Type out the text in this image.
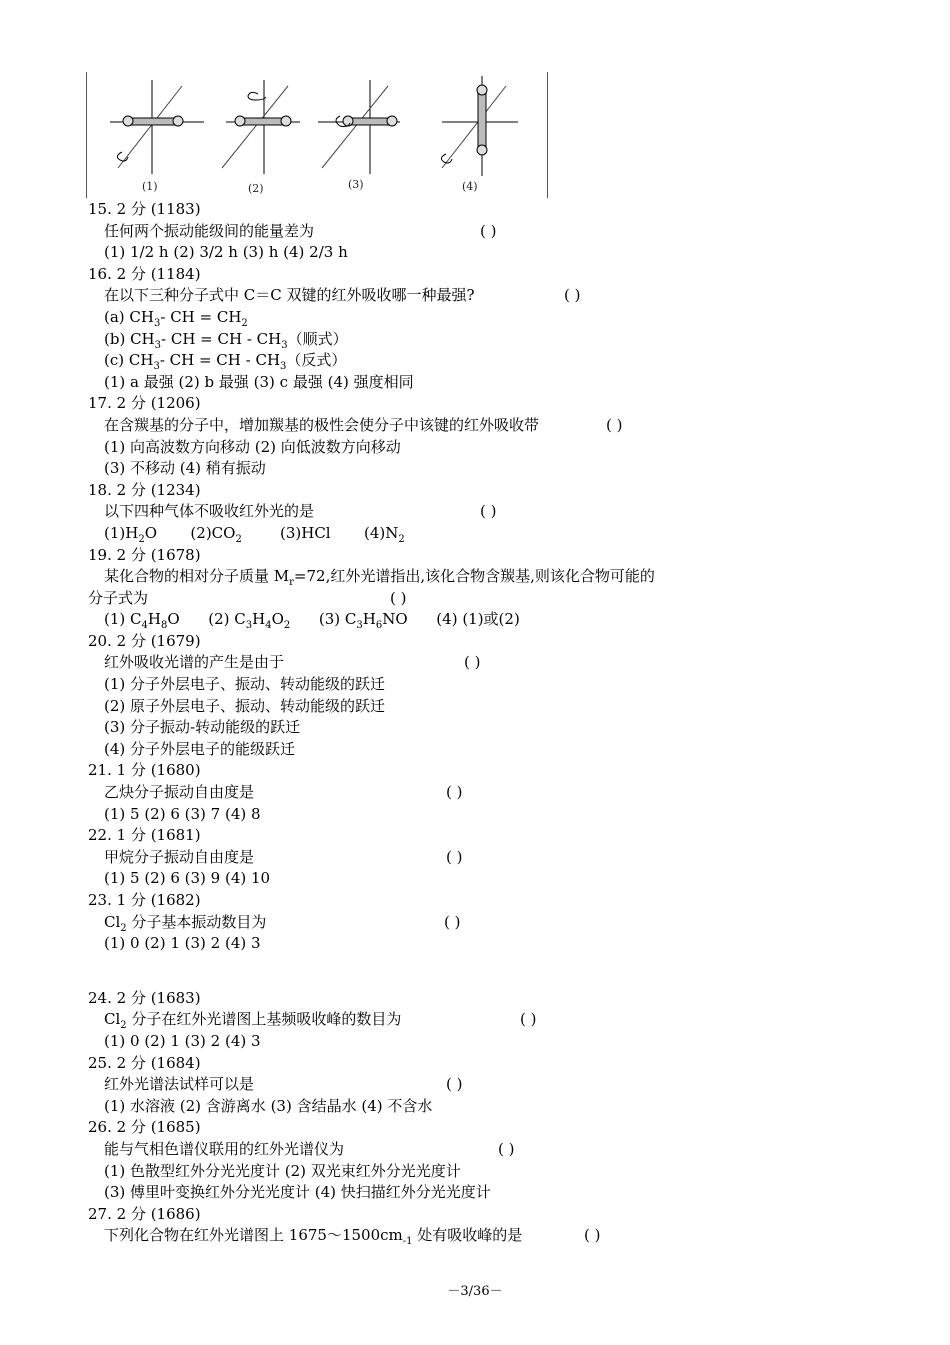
(1)	(2)	(3)	(4)
15. 2 分 (1183)
任何两个振动能级间的能量差为	( )
(1) 1/2 h (2) 3/2 h (3) h (4) 2/3 h
16. 2 分 (1184)
在以下三种分子式中 C＝C 双键的红外吸收哪一种最强?	( )
(a) $CH_3-$ CH = $CH_2$
(b) $CH_3-$ CH = CH - $CH_3$（顺式）
(c) $CH_3-$ CH = CH - $CH_3$（反式）
(1) a 最强 (2) b 最强 (3) c 最强 (4) 强度相同
17. 2 分 (1206)
在含羰基的分子中，增加羰基的极性会使分子中该键的红外吸收带	( )
(1) 向高波数方向移动 (2) 向低波数方向移动
(3) 不移动 (4) 稍有振动
18. 2 分 (1234)
以下四种气体不吸收红外光的是	( )
$(1)H_2O$ $(2)CO_2$	(3)HCl $(4)N_2$
19. 2 分 (1678)
某化合物的相对分子质量 $M_r=72$,红外光谱指出,该化合物含羰基,则该化合物可能的
分子式为	( )
(1) $C_4H_8O$ (2) $C_3H_4O_2$ (3) $C_3H_6NO$ (4) (1)或(2)
20. 2 分 (1679)
红外吸收光谱的产生是由于	( )
(1) 分子外层电子、振动、转动能级的跃迁
(2) 原子外层电子、振动、转动能级的跃迁
(3) 分子振动-转动能级的跃迁
(4) 分子外层电子的能级跃迁
21. 1 分 (1680)
乙炔分子振动自由度是	( )
(1) 5 (2) 6 (3) 7 (4) 8
22. 1 分 (1681)
甲烷分子振动自由度是	( )
(1) 5 (2) 6 (3) 9 (4) 10
23. 1 分 (1682)
$Cl_2$ 分子基本振动数目为	( )
(1) 0 (2) 1 (3) 2 (4) 3
24. 2 分 (1683)
$Cl_2$ 分子在红外光谱图上基频吸收峰的数目为	( )
(1) 0 (2) 1 (3) 2 (4) 3
25. 2 分 (1684)
红外光谱法试样可以是	( )
(1) 水溶液 (2) 含游离水 (3) 含结晶水 (4) 不含水
26. 2 分 (1685)
能与气相色谱仪联用的红外光谱仪为	( )
(1) 色散型红外分光光度计 (2) 双光束红外分光光度计
(3) 傅里叶变换红外分光光度计 (4) 快扫描红外分光光度计
27. 2 分 (1686)
下列化合物在红外光谱图上 $1675\sim 1500cm_{-1}$ 处有吸收峰的是	( )
－3/36－
